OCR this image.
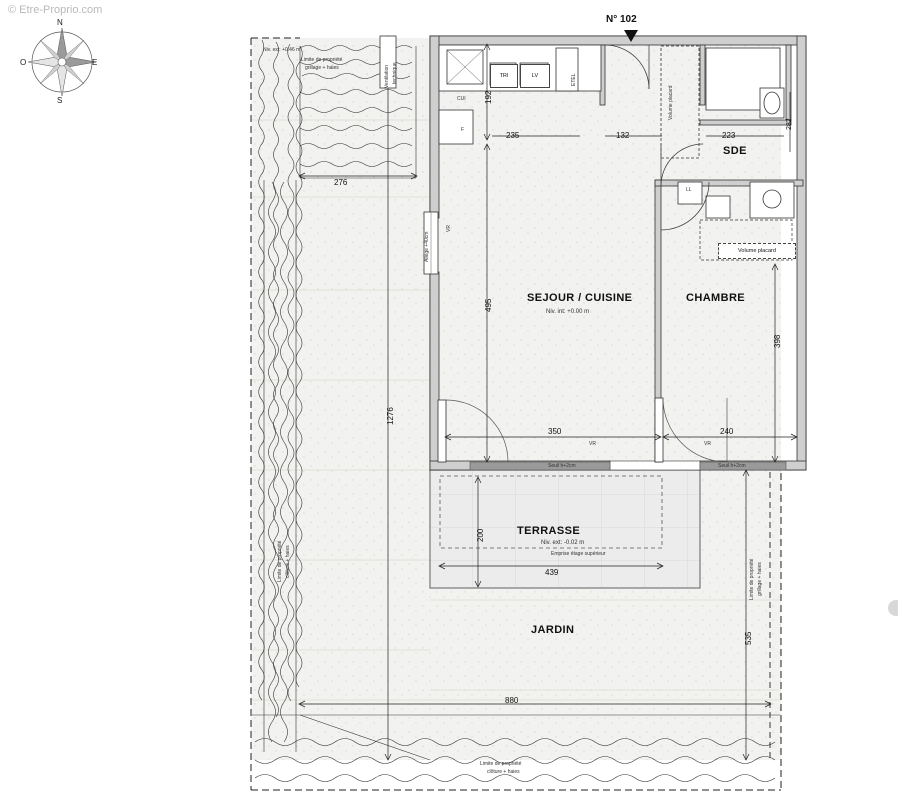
© Etre-Proprio.com
N° 102
N
S
E
O
SEJOUR / CUISINE
Niv. int: +0.00 m
CHAMBRE
SDE
TERRASSE
Niv. ext: -0.02 m
JARDIN
TRI	LV
CUI
F
LL
ETEL
276
235	132	223
350	240
439
880
1276
495
192
398
535
200
282
Niv. ext: +0.46 m
Limite de propriété
grillage + haies	Ventilation technique
Volume placard
Volume placard
Limite de propriété clôture + haies	Limite de propriété grillage + haies
Limite de propriété
clôture + haies
Emprise étage supérieur
Seuil h+2cm	Seuil h+2cm
Allège +40cm
VR
VR	VR
